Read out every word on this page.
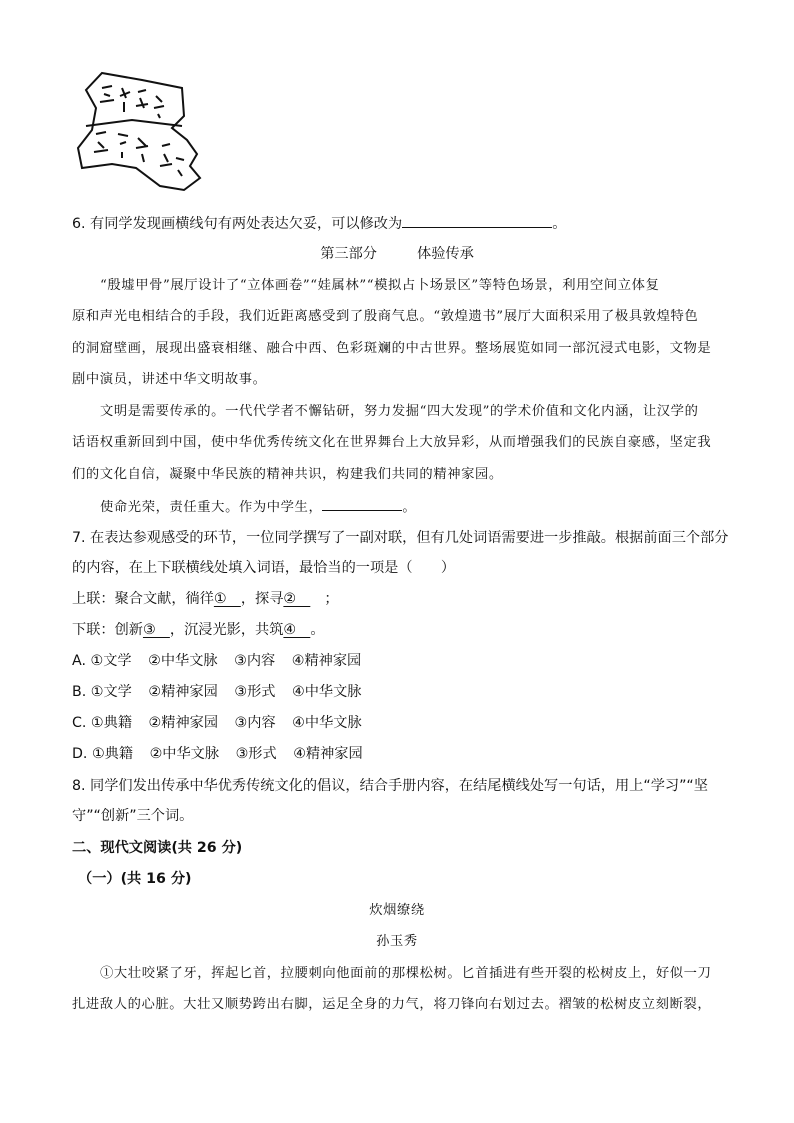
6. 有同学发现画横线句有两处表达欠妥，可以修改为	。
第三部分	体验传承
“殷墟甲骨”展厅设计了“立体画卷”“娃属林”“模拟占卜场景区”等特色场景，利用空间立体复
原和声光电相结合的手段，我们近距离感受到了殷商气息。“敦煌遗书”展厅大面积采用了极具敦煌特色
的洞窟壁画，展现出盛衰相继、融合中西、色彩斑斓的中古世界。整场展览如同一部沉浸式电影，文物是
剧中演员，讲述中华文明故事。
文明是需要传承的。一代代学者不懈钻研，努力发掘“四大发现”的学术价值和文化内涵，让汉学的
话语权重新回到中国，使中华优秀传统文化在世界舞台上大放异彩，从而增强我们的民族自豪感，坚定我
们的文化自信，凝聚中华民族的精神共识，构建我们共同的精神家园。
使命光荣，责任重大。作为中学生，	。
7. 在表达参观感受的环节，一位同学撰写了一副对联，但有几处词语需要进一步推敲。根据前面三个部分
的内容，在上下联横线处填入词语，最恰当的一项是（　　）
上联：聚合文献，徜徉①　，探寻②　；
下联：创新③　，沉浸光影，共筑④　。
A. ①文学 ②中华文脉 ③内容 ④精神家园
B. ①文学 ②精神家园 ③形式 ④中华文脉
C. ①典籍 ②精神家园 ③内容 ④中华文脉
D. ①典籍 ②中华文脉 ③形式 ④精神家园
8. 同学们发出传承中华优秀传统文化的倡议，结合手册内容，在结尾横线处写一句话，用上“学习”“坚
守”“创新”三个词。
二、现代文阅读(共 26 分)
（一）(共 16 分)
炊烟缭绕
孙玉秀
①大壮咬紧了牙，挥起匕首，拉腰刺向他面前的那棵松树。匕首插进有些开裂的松树皮上，好似一刀
扎进敌人的心脏。大壮又顺势跨出右脚，运足全身的力气，将刀锋向右划过去。褶皱的松树皮立刻断裂，
